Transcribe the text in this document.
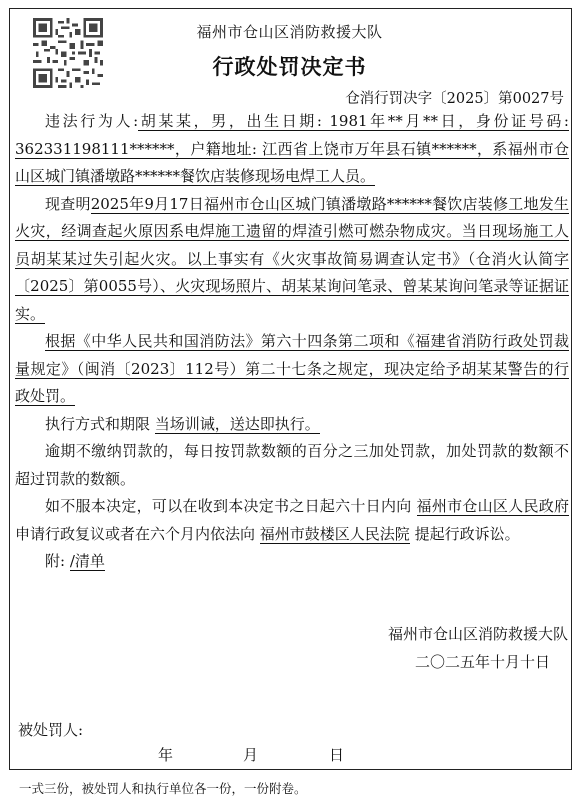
福州市仓山区消防救援大队
行政处罚决定书
仓消行罚决字〔2025〕第0027号

违法行为人:胡某某，男，出生日期: 1981年**月**日，身份证号码: 362331198111******，户籍地址: 江西省上饶市万年县石镇******，系福州市仓山区城门镇潘墩路******餐饮店装修现场电焊工人员。

现查明2025年9月17日福州市仓山区城门镇潘墩路******餐饮店装修工地发生火灾，经调查起火原因系电焊施工遗留的焊渣引燃可燃杂物成灾。当日现场施工人员胡某某过失引起火灾。以上事实有《火灾事故简易调查认定书》（仓消火认简字〔2025〕第0055号）、火灾现场照片、胡某某询问笔录、曾某某询问笔录等证据证实。

根据《中华人民共和国消防法》第六十四条第二项和《福建省消防行政处罚裁量规定》（闽消〔2023〕112号）第二十七条之规定，现决定给予胡某某警告的行政处罚。

执行方式和期限 当场训诫，送达即执行。

逾期不缴纳罚款的，每日按罚款数额的百分之三加处罚款，加处罚款的数额不超过罚款的数额。

如不服本决定，可以在收到本决定书之日起六十日内向 福州市仓山区人民政府 申请行政复议或者在六个月内依法向 福州市鼓楼区人民法院 提起行政诉讼。

附: /清单

福州市仓山区消防救援大队
二〇二五年十月十日
被处罚人:
年	月	日
一式三份，被处罚人和执行单位各一份，一份附卷。
